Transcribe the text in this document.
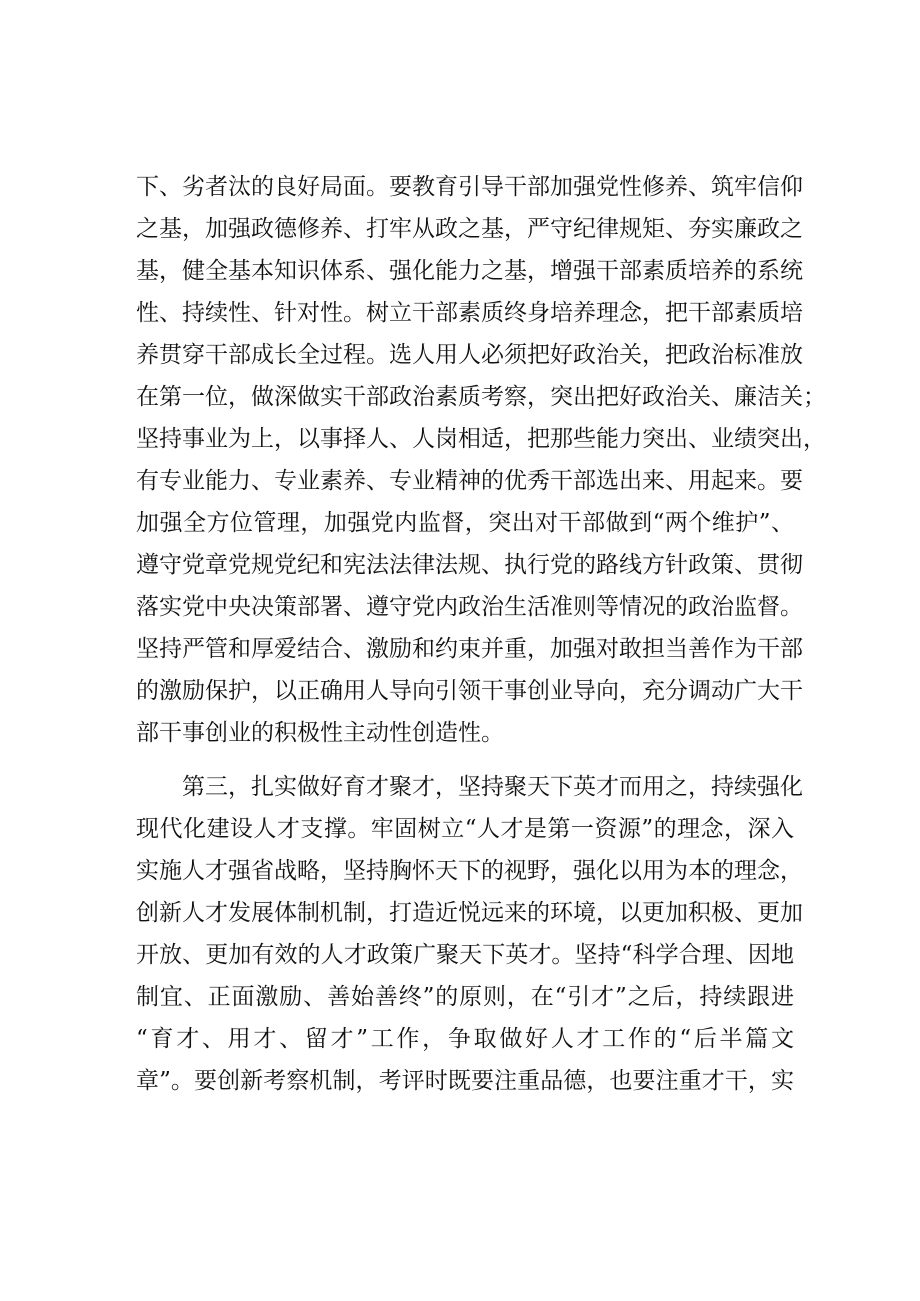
下、劣者汰的良好局面。要教育引导干部加强党性修养、筑牢信仰
之基，加强政德修养、打牢从政之基，严守纪律规矩、夯实廉政之
基，健全基本知识体系、强化能力之基，增强干部素质培养的系统
性、持续性、针对性。树立干部素质终身培养理念，把干部素质培
养贯穿干部成长全过程。选人用人必须把好政治关，把政治标准放
在第一位，做深做实干部政治素质考察，突出把好政治关、廉洁关；
坚持事业为上，以事择人、人岗相适，把那些能力突出、业绩突出，
有专业能力、专业素养、专业精神的优秀干部选出来、用起来。要
加强全方位管理，加强党内监督，突出对干部做到“两个维护”、
遵守党章党规党纪和宪法法律法规、执行党的路线方针政策、贯彻
落实党中央决策部署、遵守党内政治生活准则等情况的政治监督。
坚持严管和厚爱结合、激励和约束并重，加强对敢担当善作为干部
的激励保护，以正确用人导向引领干事创业导向，充分调动广大干
部干事创业的积极性主动性创造性。
第三，扎实做好育才聚才，坚持聚天下英才而用之，持续强化
现代化建设人才支撑。牢固树立“人才是第一资源”的理念，深入
实施人才强省战略，坚持胸怀天下的视野，强化以用为本的理念，
创新人才发展体制机制，打造近悦远来的环境，以更加积极、更加
开放、更加有效的人才政策广聚天下英才。坚持“科学合理、因地
制宜、正面激励、善始善终”的原则，在“引才”之后，持续跟进
“育才、用才、留才”工作，争取做好人才工作的“后半篇文
章”。要创新考察机制，考评时既要注重品德，也要注重才干，实
